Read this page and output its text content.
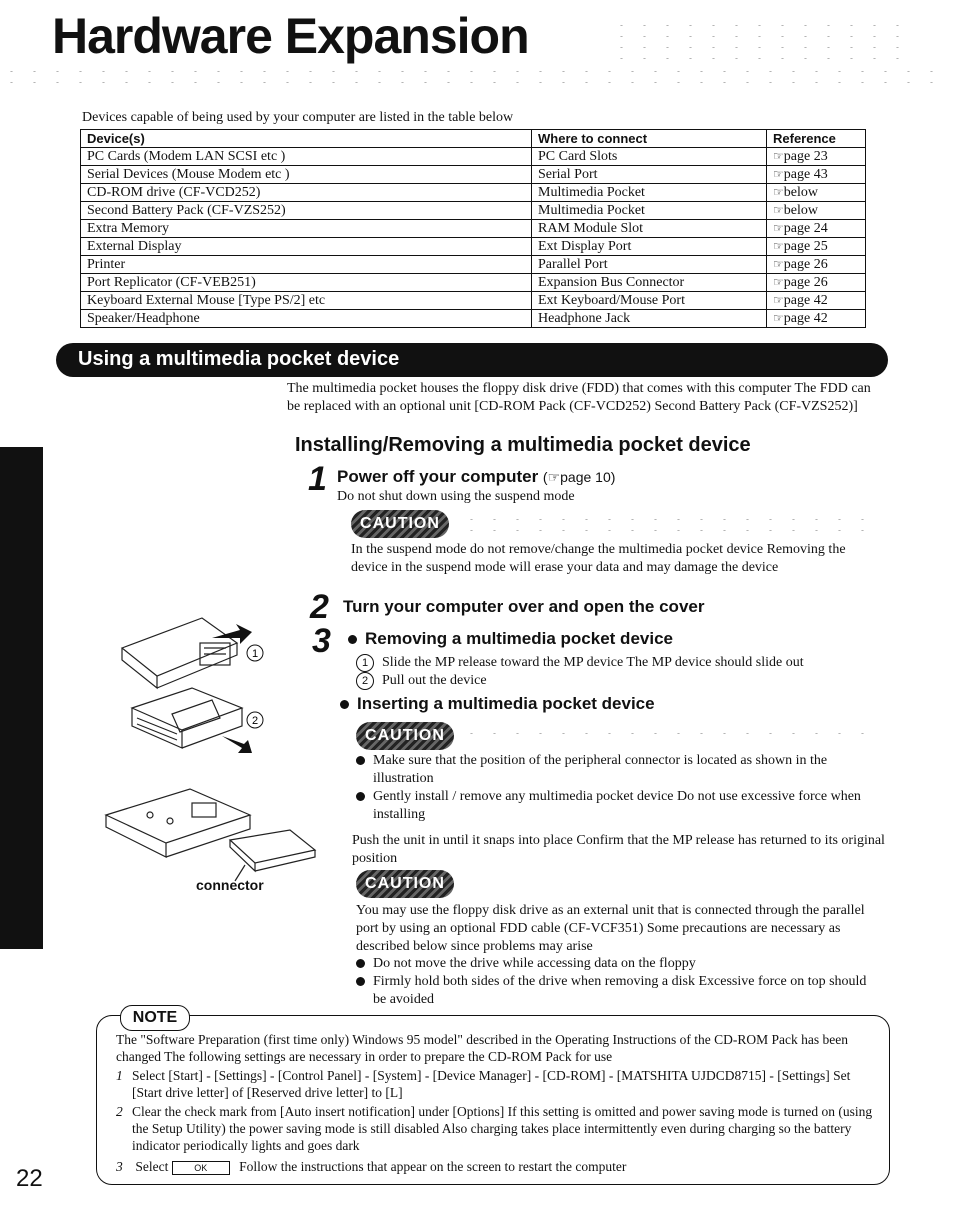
Hardware Expansion
Devices capable of being used by your computer are listed in the table below
Device(s)	Where to connect	Reference
PC Cards (Modem LAN SCSI etc )	PC Card Slots	☞page 23
Serial Devices (Mouse Modem etc )	Serial Port	☞page 43
CD-ROM drive (CF-VCD252)	Multimedia Pocket	☞below
Second Battery Pack (CF-VZS252)	Multimedia Pocket	☞below
Extra Memory	RAM Module Slot	☞page 24
External Display	Ext Display Port	☞page 25
Printer	Parallel Port	☞page 26
Port Replicator (CF-VEB251)	Expansion Bus Connector	☞page 26
Keyboard External Mouse [Type PS/2] etc	Ext Keyboard/Mouse Port	☞page 42
Speaker/Headphone	Headphone Jack	☞page 42
Using a multimedia pocket device
The multimedia pocket houses the floppy disk drive (FDD) that comes with this computer The FDD can be replaced with an optional unit [CD-ROM Pack (CF-VCD252) Second Battery Pack (CF-VZS252)]
Installing/Removing a multimedia pocket device
1 Power off your computer (☞page 10)
Do not shut down using the suspend mode
CAUTION
In the suspend mode do not remove/change the multimedia pocket device Removing the device in the suspend mode will erase your data and may damage the device
2 Turn your computer over and open the cover
3	Removing a multimedia pocket device
1 Slide the MP release toward the MP device The MP device should slide out
2 Pull out the device
Inserting a multimedia pocket device
CAUTION
Make sure that the position of the peripheral connector is located as shown in the illustration
Gently install / remove any multimedia pocket device Do not use excessive force when installing
Push the unit in until it snaps into place Confirm that the MP release has returned to its original position
CAUTION
You may use the floppy disk drive as an external unit that is connected through the parallel port by using an optional FDD cable (CF-VCF351) Some precautions are necessary as described below since problems may arise
Do not move the drive while accessing data on the floppy
Firmly hold both sides of the drive when removing a disk Excessive force on top should be avoided
1
2
connector
NOTE
The "Software Preparation (first time only) Windows 95 model" described in the Operating Instructions of the CD-ROM Pack has been changed The following settings are necessary in order to prepare the CD-ROM Pack for use
1 Select [Start] - [Settings] - [Control Panel] - [System] - [Device Manager] - [CD-ROM] - [MATSHITA UJDCD8715] - [Settings] Set [Start drive letter] of [Reserved drive letter] to [L]
2 Clear the check mark from [Auto insert notification] under [Options] If this setting is omitted and power saving mode is turned on (using the Setup Utility) the power saving mode is still disabled Also charging takes place intermittently even during charging so the battery indicator periodically lights and goes dark
3 Select	OK Follow the instructions that appear on the screen to restart the computer
22
